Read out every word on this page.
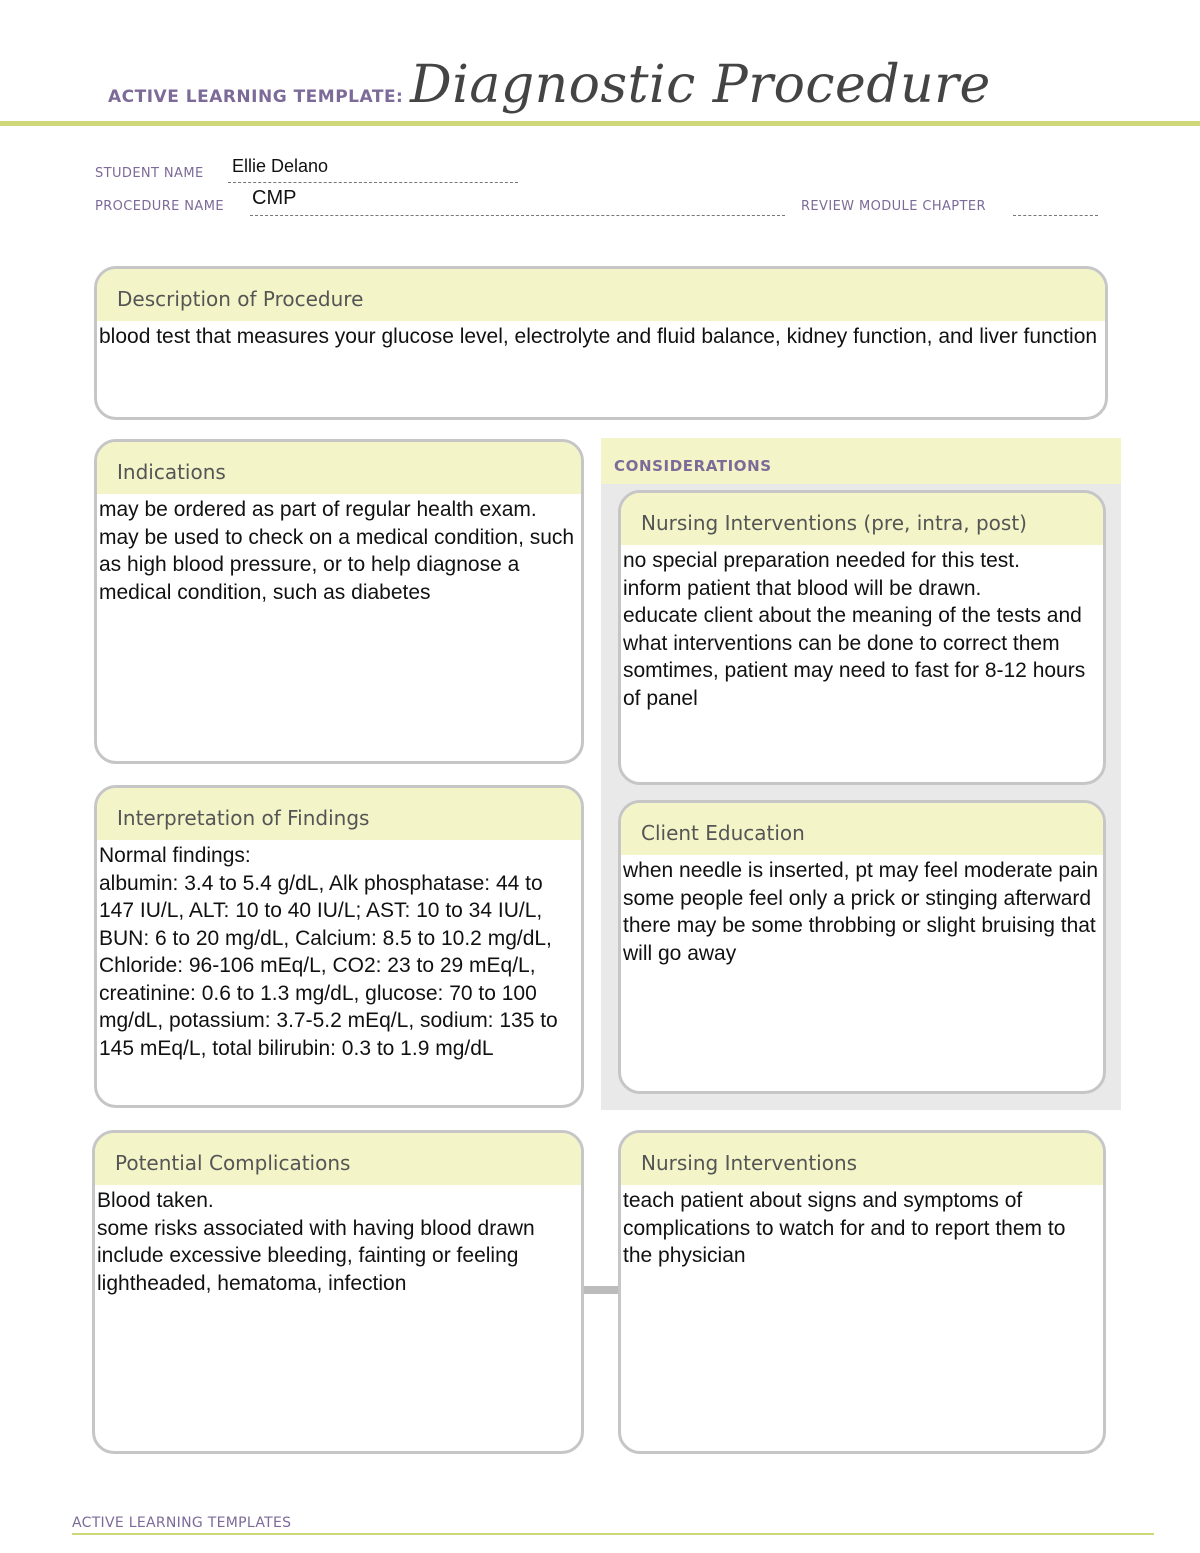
ACTIVE LEARNING TEMPLATE: Diagnostic Procedure
STUDENT NAME Ellie Delano
PROCEDURE NAME CMP	REVIEW MODULE CHAPTER
Description of Procedure
blood test that measures your glucose level, electrolyte and fluid balance, kidney function, and liver function
CONSIDERATIONS
Indications
may be ordered as part of regular health exam.
may be used to check on a medical condition, such as high blood pressure, or to help diagnose a medical condition, such as diabetes
Nursing Interventions (pre, intra, post)
no special preparation needed for this test.
inform patient that blood will be drawn.
educate client about the meaning of the tests and what interventions can be done to correct them
somtimes, patient may need to fast for 8-12 hours of panel
Interpretation of Findings
Normal findings:
albumin: 3.4 to 5.4 g/dL, Alk phosphatase: 44 to 147 IU/L, ALT: 10 to 40 IU/L; AST: 10 to 34 IU/L, BUN: 6 to 20 mg/dL, Calcium: 8.5 to 10.2 mg/dL, Chloride: 96-106 mEq/L, CO2: 23 to 29 mEq/L, creatinine: 0.6 to 1.3 mg/dL, glucose: 70 to 100 mg/dL, potassium: 3.7-5.2 mEq/L, sodium: 135 to 145 mEq/L, total bilirubin: 0.3 to 1.9 mg/dL
Client Education
when needle is inserted, pt may feel moderate pain
some people feel only a prick or stinging afterward there may be some throbbing or slight bruising that will go away
Potential Complications
Blood taken.
some risks associated with having blood drawn include excessive bleeding, fainting or feeling lightheaded, hematoma, infection
Nursing Interventions
teach patient about signs and symptoms of complications to watch for and to report them to the physician
ACTIVE LEARNING TEMPLATES
